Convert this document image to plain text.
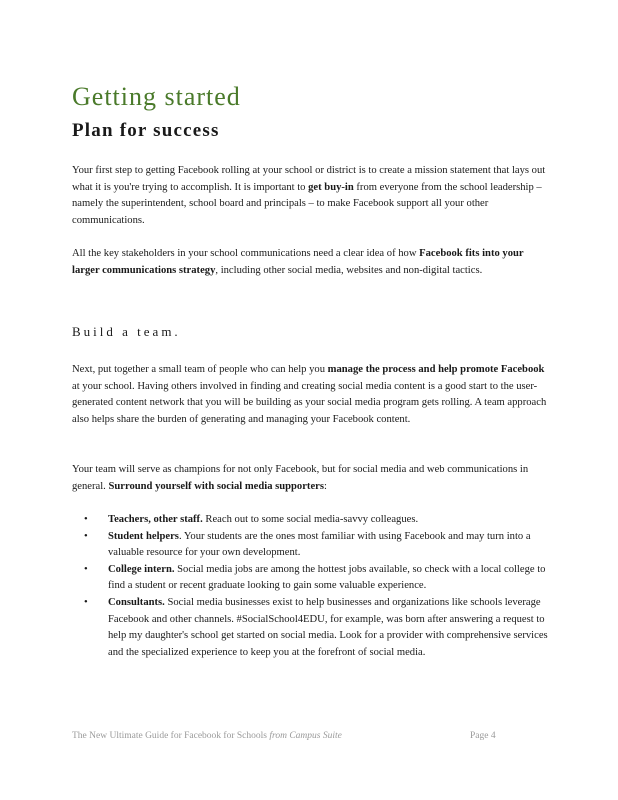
Getting started
Plan for success

Your first step to getting Facebook rolling at your school or district is to create a mission statement that lays out what it is you're trying to accomplish. It is important to get buy-in from everyone from the school leadership – namely the superintendent, school board and principals – to make Facebook support all your other communications.

All the key stakeholders in your school communications need a clear idea of how Facebook fits into your larger communications strategy, including other social media, websites and non-digital tactics.

Build a team.

Next, put together a small team of people who can help you manage the process and help promote Facebook at your school. Having others involved in finding and creating social media content is a good start to the user-generated content network that you will be building as your social media program gets rolling. A team approach also helps share the burden of generating and managing your Facebook content.

Your team will serve as champions for not only Facebook, but for social media and web communications in general. Surround yourself with social media supporters:

• Teachers, other staff. Reach out to some social media-savvy colleagues.
• Student helpers. Your students are the ones most familiar with using Facebook and may turn into a valuable resource for your own development.
• College intern. Social media jobs are among the hottest jobs available, so check with a local college to find a student or recent graduate looking to gain some valuable experience.
• Consultants. Social media businesses exist to help businesses and organizations like schools leverage Facebook and other channels. #SocialSchool4EDU, for example, was born after answering a request to help my daughter's school get started on social media. Look for a provider with comprehensive services and the specialized experience to keep you at the forefront of social media.
The New Ultimate Guide for Facebook for Schools from Campus Suite	Page 4
